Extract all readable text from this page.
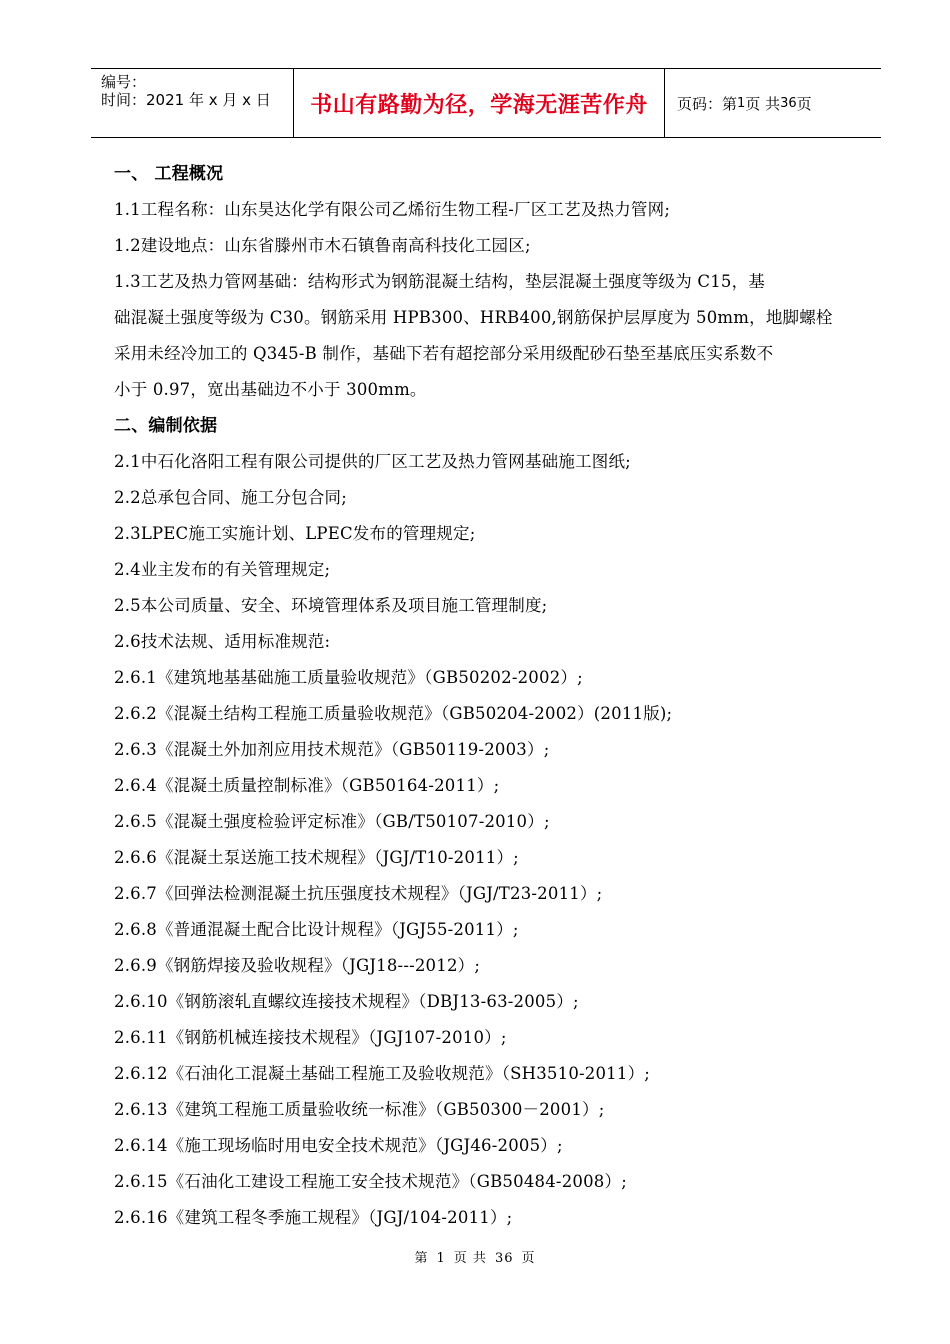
编号：
时间：2021 年 x 月 x 日 书山有路勤为径，学海无涯苦作舟 页码：第 1 页 共 36 页
一、 工程概况
1.1工程名称：山东昊达化学有限公司乙烯衍生物工程-厂区工艺及热力管网;
1.2建设地点：山东省滕州市木石镇鲁南高科技化工园区;
1.3工艺及热力管网基础：结构形式为钢筋混凝土结构，垫层混凝土强度等级为 C15，基
础混凝土强度等级为 C30。钢筋采用 HPB300、HRB400,钢筋保护层厚度为 50mm，地脚螺栓
采用未经冷加工的 Q345-B 制作，基础下若有超挖部分采用级配砂石垫至基底压实系数不
小于 0.97，宽出基础边不小于 300mm。
二、编制依据
2.1中石化洛阳工程有限公司提供的厂区工艺及热力管网基础施工图纸;
2.2总承包合同、施工分包合同;
2.3LPEC施工实施计划、LPEC发布的管理规定;
2.4业主发布的有关管理规定;
2.5本公司质量、安全、环境管理体系及项目施工管理制度;
2.6技术法规、适用标准规范:
2.6.1《建筑地基基础施工质量验收规范》（GB50202-2002）;
2.6.2《混凝土结构工程施工质量验收规范》（GB50204-2002）(2011版);
2.6.3《混凝土外加剂应用技术规范》（GB50119-2003）;
2.6.4《混凝土质量控制标准》（GB50164-2011）;
2.6.5《混凝土强度检验评定标准》（GB/T50107-2010）;
2.6.6《混凝土泵送施工技术规程》（JGJ/T10-2011）;
2.6.7《回弹法检测混凝土抗压强度技术规程》（JGJ/T23-2011）;
2.6.8《普通混凝土配合比设计规程》（JGJ55-2011）;
2.6.9《钢筋焊接及验收规程》（JGJ18---2012）;
2.6.10《钢筋滚轧直螺纹连接技术规程》（DBJ13-63-2005）;
2.6.11《钢筋机械连接技术规程》（JGJ107-2010）;
2.6.12《石油化工混凝土基础工程施工及验收规范》（SH3510-2011）;
2.6.13《建筑工程施工质量验收统一标准》（GB50300－2001）;
2.6.14《施工现场临时用电安全技术规范》（JGJ46-2005）;
2.6.15《石油化工建设工程施工安全技术规范》（GB50484-2008）;
2.6.16《建筑工程冬季施工规程》（JGJ/104-2011）;
第 1 页 共 36 页
